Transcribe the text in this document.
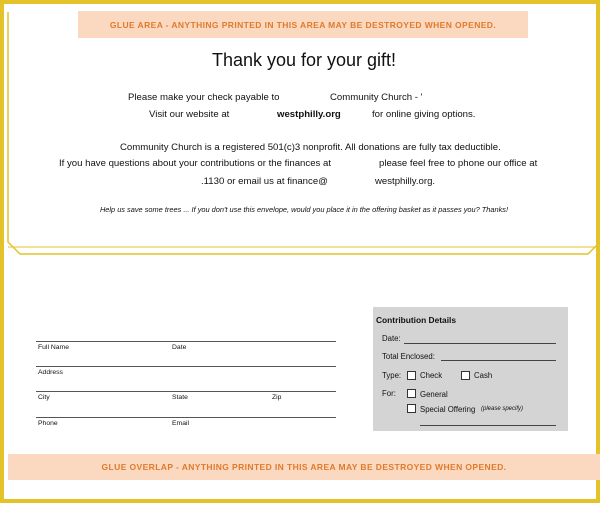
GLUE AREA - ANYTHING PRINTED IN THIS AREA MAY BE DESTROYED WHEN OPENED.
Thank you for your gift!
Please make your check payable to	Community Church - '
Visit our website at	westphilly.org	for online giving options.
Community Church is a registered 501(c)3 nonprofit. All donations are fully tax deductible.
If you have questions about your contributions or the finances at	please feel free to phone our office at
.1130 or email us at finance@	westphilly.org.
Help us save some trees ... If you don't use this envelope, would you place it in the offering basket as it passes you? Thanks!
Full Name	Date
Address
City	State	Zip
Phone	Email
Contribution Details
Date:
Total Enclosed:
Type: Check	Cash
For:	General
Special Offering (please specify)
GLUE OVERLAP - ANYTHING PRINTED IN THIS AREA MAY BE DESTROYED WHEN OPENED.
